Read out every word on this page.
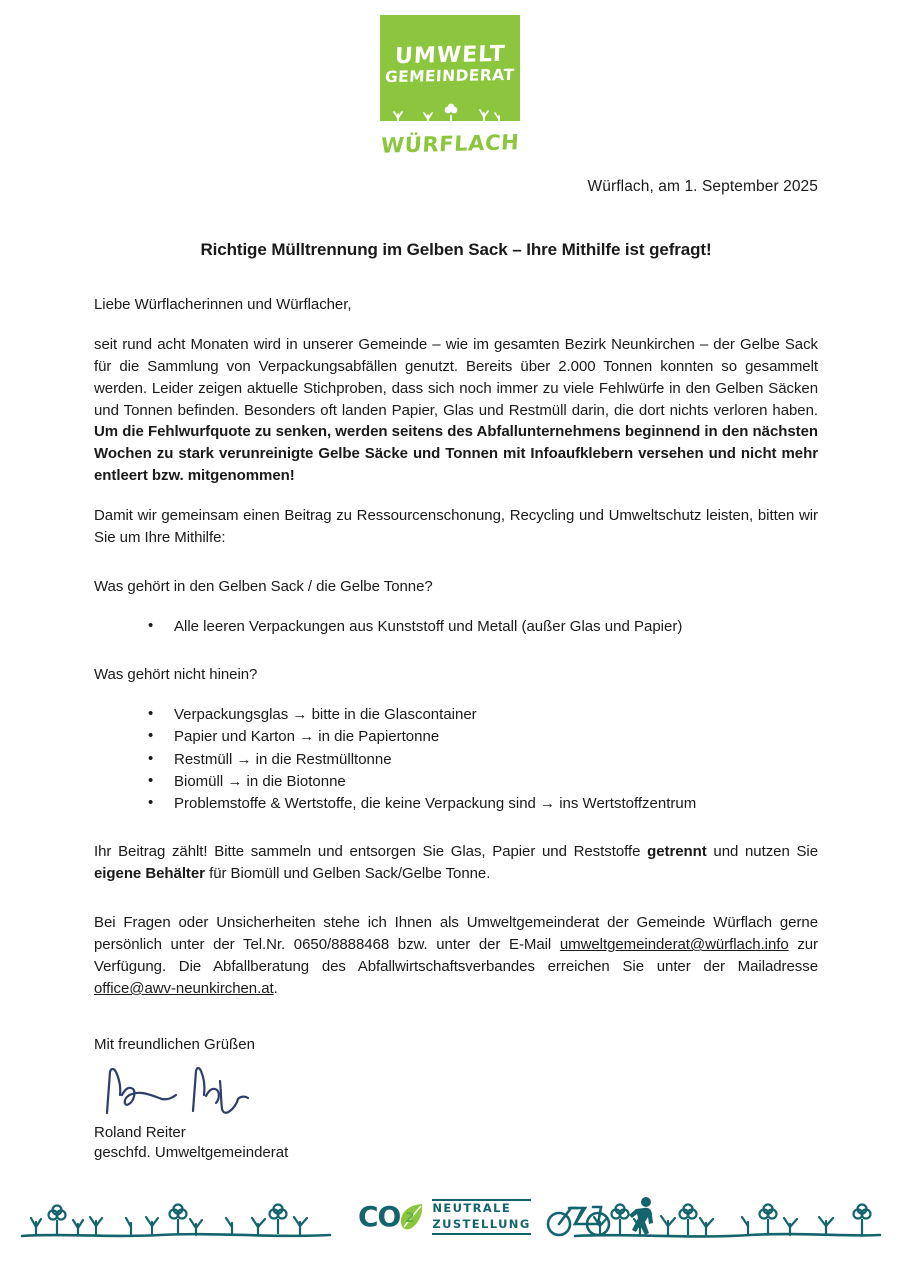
UMWELT
GEMEINDERAT
WÜRFLACH

Würflach, am 1. September 2025

Richtige Mülltrennung im Gelben Sack – Ihre Mithilfe ist gefragt!

Liebe Würflacherinnen und Würflacher,

seit rund acht Monaten wird in unserer Gemeinde – wie im gesamten Bezirk Neunkirchen – der Gelbe Sack für die Sammlung von Verpackungsabfällen genutzt. Bereits über 2.000 Tonnen konnten so gesammelt werden. Leider zeigen aktuelle Stichproben, dass sich noch immer zu viele Fehlwürfe in den Gelben Säcken und Tonnen befinden. Besonders oft landen Papier, Glas und Restmüll darin, die dort nichts verloren haben. Um die Fehlwurfquote zu senken, werden seitens des Abfallunternehmens beginnend in den nächsten Wochen zu stark verunreinigte Gelbe Säcke und Tonnen mit Infoaufklebern versehen und nicht mehr entleert bzw. mitgenommen!

Damit wir gemeinsam einen Beitrag zu Ressourcenschonung, Recycling und Umweltschutz leisten, bitten wir Sie um Ihre Mithilfe:

Was gehört in den Gelben Sack / die Gelbe Tonne?

• Alle leeren Verpackungen aus Kunststoff und Metall (außer Glas und Papier)

Was gehört nicht hinein?

• Verpackungsglas → bitte in die Glascontainer
• Papier und Karton → in die Papiertonne
• Restmüll → in die Restmülltonne
• Biomüll → in die Biotonne
• Problemstoffe & Wertstoffe, die keine Verpackung sind → ins Wertstoffzentrum

Ihr Beitrag zählt! Bitte sammeln und entsorgen Sie Glas, Papier und Reststoffe getrennt und nutzen Sie eigene Behälter für Biomüll und Gelben Sack/Gelbe Tonne.

Bei Fragen oder Unsicherheiten stehe ich Ihnen als Umweltgemeinderat der Gemeinde Würflach gerne persönlich unter der Tel.Nr. 0650/8888468 bzw. unter der E-Mail umweltgemeinderat@würflach.info zur Verfügung. Die Abfallberatung des Abfallwirtschaftsverbandes erreichen Sie unter der Mailadresse office@awv-neunkirchen.at.

Mit freundlichen Grüßen

Roland Reiter
geschfd. Umweltgemeinderat

CO 2
NEUTRALE
ZUSTELLUNG
